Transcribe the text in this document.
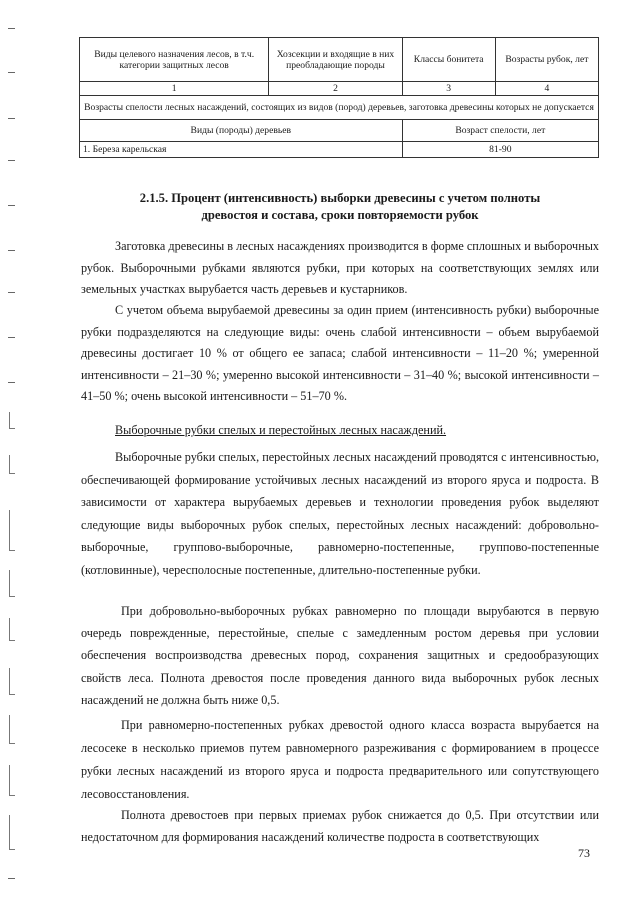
Виды целевого назначения лесов, в т.ч. категории защитных лесов	Хозсекции и входящие в них преобладающие породы	Классы бонитета	Возрасты рубок, лет
1	2	3	4
Возрасты спелости лесных насаждений, состоящих из видов (пород) деревьев, заготовка древесины которых не допускается			
Виды (породы) деревьев		Возраст спелости, лет	
1. Береза карельская		81-90	
2.1.5. Процент (интенсивность) выборки древесины с учетом полноты древостоя и состава, сроки повторяемости рубок

Заготовка древесины в лесных насаждениях производится в форме сплошных и выборочных рубок. Выборочными рубками являются рубки, при которых на соответствующих землях или земельных участках вырубается часть деревьев и кустарников.

С учетом объема вырубаемой древесины за один прием (интенсивность рубки) выборочные рубки подразделяются на следующие виды: очень слабой интенсивности – объем вырубаемой древесины достигает 10 % от общего ее запаса; слабой интенсивности – 11–20 %; умеренной интенсивности – 21–30 %; умеренно высокой интенсивности – 31–40 %; высокой интенсивности – 41–50 %; очень высокой интенсивности – 51–70 %.

Выборочные рубки спелых и перестойных лесных насаждений.

Выборочные рубки спелых, перестойных лесных насаждений проводятся с интенсивностью, обеспечивающей формирование устойчивых лесных насаждений из второго яруса и подроста. В зависимости от характера вырубаемых деревьев и технологии проведения рубок выделяют следующие виды выборочных рубок спелых, перестойных лесных насаждений: добровольно-выборочные, группово-выборочные, равномерно-постепенные, группово-постепенные (котловинные), чересполосные постепенные, длительно-постепенные рубки.

При добровольно-выборочных рубках равномерно по площади вырубаются в первую очередь поврежденные, перестойные, спелые с замедленным ростом деревья при условии обеспечения воспроизводства древесных пород, сохранения защитных и средообразующих свойств леса. Полнота древостоя после проведения данного вида выборочных рубок лесных насаждений не должна быть ниже 0,5.

При равномерно-постепенных рубках древостой одного класса возраста вырубается на лесосеке в несколько приемов путем равномерного разреживания с формированием в процессе рубки лесных насаждений из второго яруса и подроста предварительного или сопутствующего лесовосстановления.

Полнота древостоев при первых приемах рубок снижается до 0,5. При отсутствии или недостаточном для формирования насаждений количестве подроста в соответствующих

73
